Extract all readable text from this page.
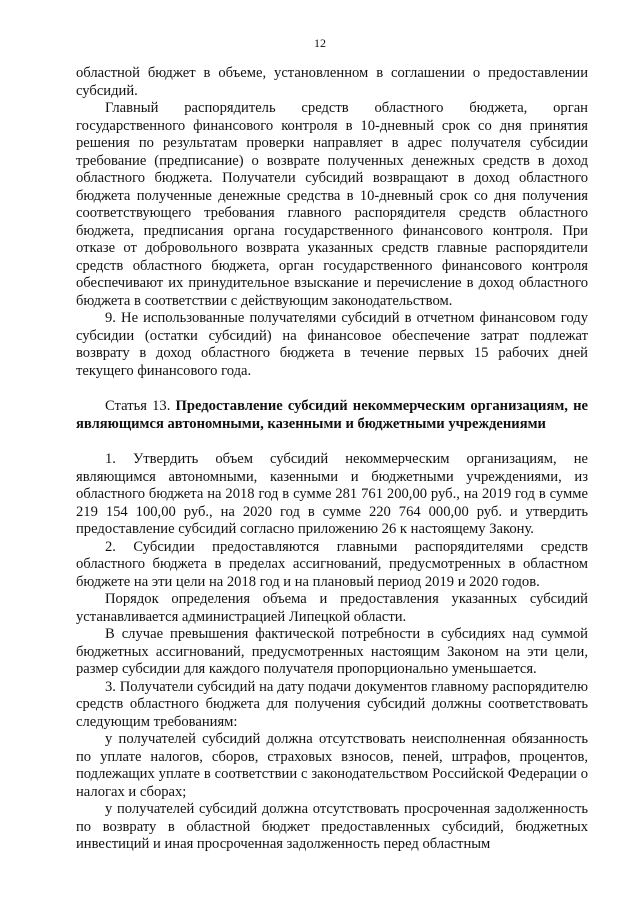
12

областной бюджет в объеме, установленном в соглашении о предоставлении субсидий.

Главный распорядитель средств областного бюджета, орган государственного финансового контроля в 10-дневный срок со дня принятия решения по результатам проверки направляет в адрес получателя субсидии требование (предписание) о возврате полученных денежных средств в доход областного бюджета. Получатели субсидий возвращают в доход областного бюджета полученные денежные средства в 10-дневный срок со дня получения соответствующего требования главного распорядителя средств областного бюджета, предписания органа государственного финансового контроля. При отказе от добровольного возврата указанных средств главные распорядители средств областного бюджета, орган государственного финансового контроля обеспечивают их принудительное взыскание и перечисление в доход областного бюджета в соответствии с действующим законодательством.

9. Не использованные получателями субсидий в отчетном финансовом году субсидии (остатки субсидий) на финансовое обеспечение затрат подлежат возврату в доход областного бюджета в течение первых 15 рабочих дней текущего финансового года.

Статья 13. Предоставление субсидий некоммерческим организациям, не являющимся автономными, казенными и бюджетными учреждениями

1. Утвердить объем субсидий некоммерческим организациям, не являющимся автономными, казенными и бюджетными учреждениями, из областного бюджета на 2018 год в сумме 281 761 200,00 руб., на 2019 год в сумме 219 154 100,00 руб., на 2020 год в сумме 220 764 000,00 руб. и утвердить предоставление субсидий согласно приложению 26 к настоящему Закону.

2. Субсидии предоставляются главными распорядителями средств областного бюджета в пределах ассигнований, предусмотренных в областном бюджете на эти цели на 2018 год и на плановый период 2019 и 2020 годов.

Порядок определения объема и предоставления указанных субсидий устанавливается администрацией Липецкой области.

В случае превышения фактической потребности в субсидиях над суммой бюджетных ассигнований, предусмотренных настоящим Законом на эти цели, размер субсидии для каждого получателя пропорционально уменьшается.

3. Получатели субсидий на дату подачи документов главному распорядителю средств областного бюджета для получения субсидий должны соответствовать следующим требованиям:

у получателей субсидий должна отсутствовать неисполненная обязанность по уплате налогов, сборов, страховых взносов, пеней, штрафов, процентов, подлежащих уплате в соответствии с законодательством Российской Федерации о налогах и сборах;

у получателей субсидий должна отсутствовать просроченная задолженность по возврату в областной бюджет предоставленных субсидий, бюджетных инвестиций и иная просроченная задолженность перед областным
